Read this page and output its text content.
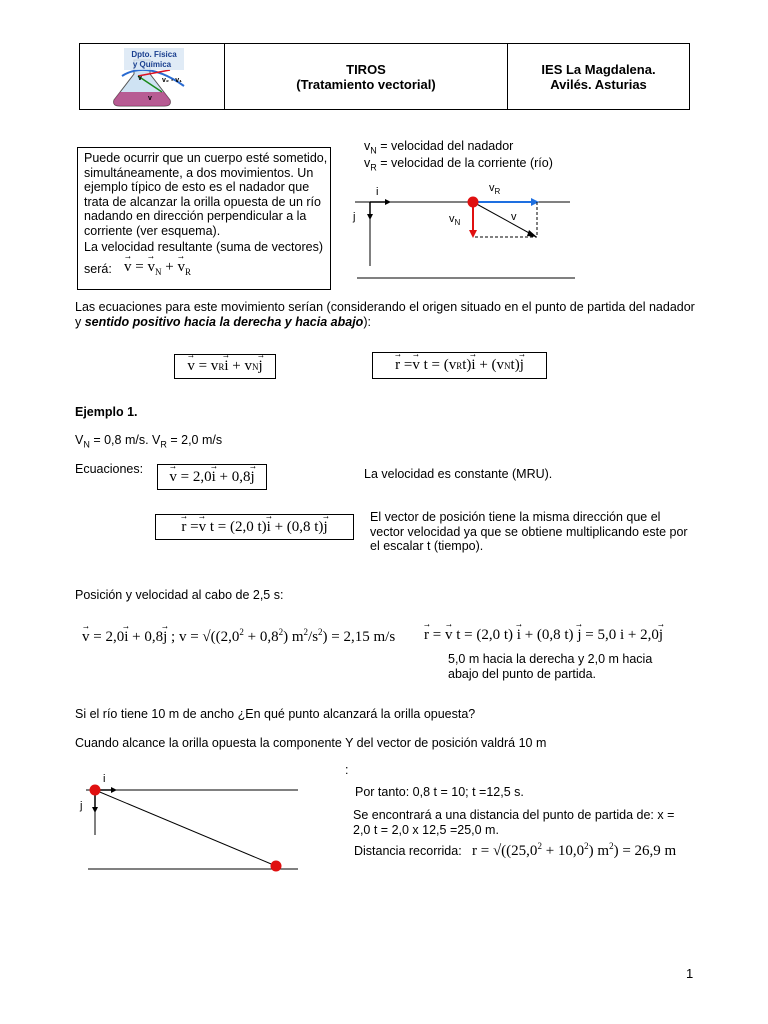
Dpto. Física
y Química
v	v₂ - v₁
v
TIROS
(Tratamiento vectorial)
IES La Magdalena.
Avilés. Asturias
Puede ocurrir que un cuerpo esté sometido, simultáneamente, a dos movimientos. Un ejemplo típico de esto es el nadador que trata de alcanzar la orilla opuesta de un río nadando en dirección perpendicular a la corriente (ver esquema).
La velocidad resultante (suma de vectores)
será: → v = → $v_N$ + → $v_R$
$v_N$ = velocidad del nadador
$v_R$ = velocidad de la corriente (río)
i
j
$v_R$
$v_N$	v
Las ecuaciones para este movimiento serían (considerando el origen situado en el punto de partida del nadador y sentido positivo hacia la derecha y hacia abajo):
→ v = v R → i + v N → j	→ r = → v t = (v R t) → i + (v N t) → j
Ejemplo 1.
$V_N = 0,8$ m/s. $V_R = 2,0$ m/s
Ecuaciones: → v = 2,0 → i + 0,8 → j	La velocidad es constante (MRU).
→ r = → v t = (2,0 t) → i + (0,8 t) → j
El vector de posición tiene la misma dirección que el vector velocidad ya que se obtiene multiplicando este por el escalar t (tiempo).
Posición y velocidad al cabo de 2,5 s:
→ v = 2,0→ i + 0,8→ j ; $v = √((2,0^2 + 0,8^2) m^2/s^2) = 2,15$ m/s → r = → v t = (2,0 t) → i + (0,8 t) → j = 5,0 i + 2,0→ j
5,0 m hacia la derecha y 2,0 m hacia abajo del punto de partida.
Si el río tiene 10 m de ancho ¿En qué punto alcanzará la orilla opuesta?
Cuando alcance la orilla opuesta la componente Y del vector de posición valdrá 10 m
i
j
:
Por tanto: 0,8 t = 10; t =12,5 s.
Se encontrará a una distancia del punto de partida de: x = 2,0 t = 2,0 x 12,5 =25,0 m.
Distancia recorrida: $r = √((25,0^2 + 10,0^2) m^2) = 26,9$ m
1
